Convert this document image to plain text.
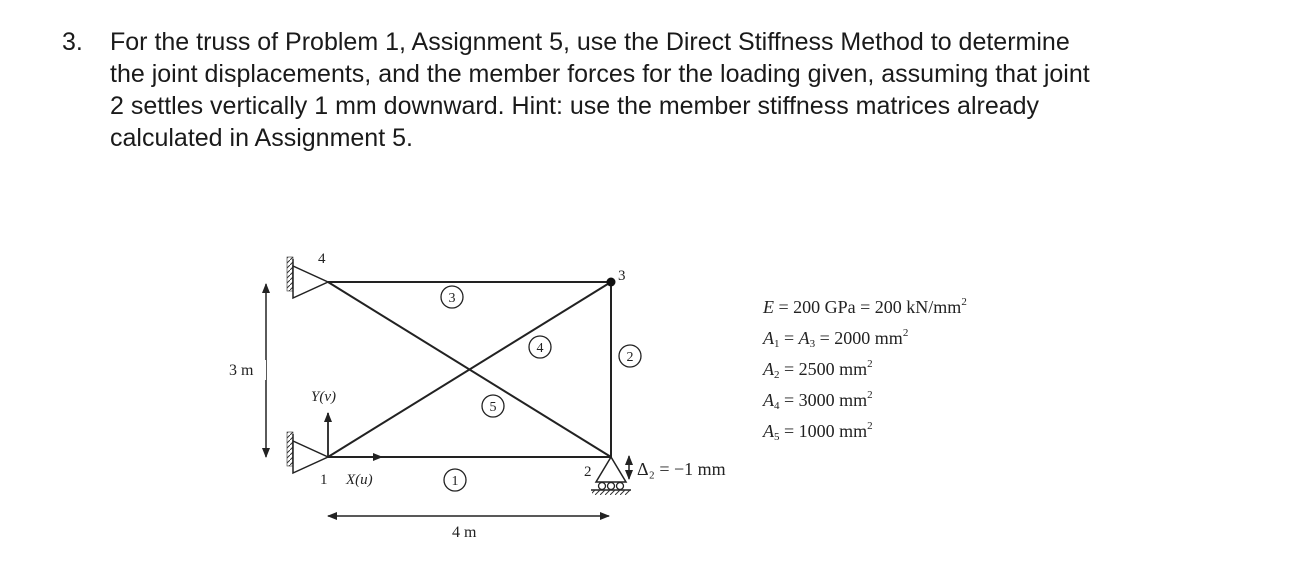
3. For the truss of Problem 1, Assignment 5, use the Direct Stiffness Method to determine
the joint displacements, and the member forces for the loading given, assuming that joint
2 settles vertically 1 mm downward. Hint: use the member stiffness matrices already
calculated in Assignment 5.
4
3
1	2
3
4
2
5
1
Y(v)
X(u)
3 m
4 m
Δ₂ = −1 mm
E = 200 GPa = 200 $kN/mm^2$
$A_1 = A_3 = 2000$ $mm^2$
$A_2 = 2500$ $mm^2$
$A_4 = 3000$ $mm^2$
$A_5 = 1000$ $mm^2$
